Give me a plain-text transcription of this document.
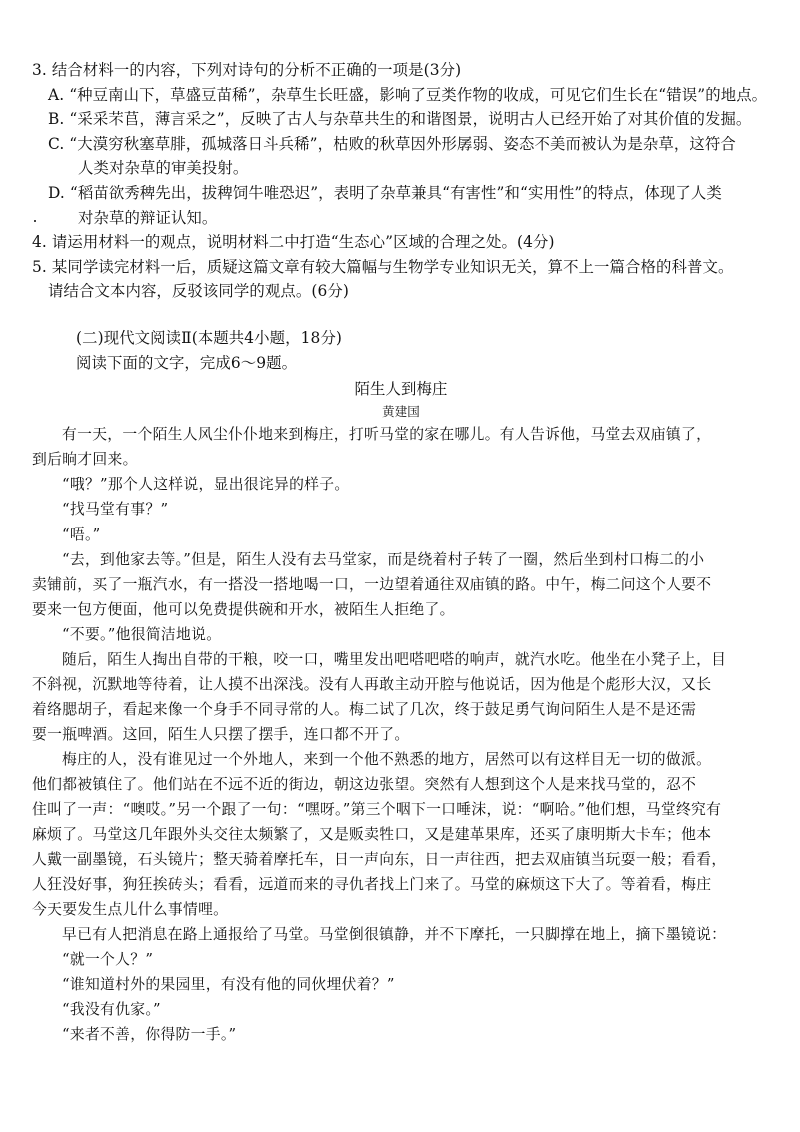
3. 结合材料一的内容，下列对诗句的分析不正确的一项是(3分)
A. “种豆南山下，草盛豆苗稀”，杂草生长旺盛，影响了豆类作物的收成，可见它们生长在“错误”的地点。
B. “采采芣苢，薄言采之”，反映了古人与杂草共生的和谐图景，说明古人已经开始了对其价值的发掘。
C. “大漠穷秋塞草腓，孤城落日斗兵稀”，枯败的秋草因外形孱弱、姿态不美而被认为是杂草，这符合
人类对杂草的审美投射。
D. “稻苗欲秀稗先出，拔稗饲牛唯恐迟”，表明了杂草兼具“有害性”和“实用性”的特点，体现了人类
对杂草的辩证认知。
4. 请运用材料一的观点，说明材料二中打造“生态心”区域的合理之处。(4分)
5. 某同学读完材料一后，质疑这篇文章有较大篇幅与生物学专业知识无关，算不上一篇合格的科普文。
请结合文本内容，反驳该同学的观点。(6分)
(二)现代文阅读Ⅱ(本题共4小题，18分)
阅读下面的文字，完成6～9题。
陌生人到梅庄
黄建国
有一天，一个陌生人风尘仆仆地来到梅庄，打听马堂的家在哪儿。有人告诉他，马堂去双庙镇了，
到后晌才回来。
“哦？”那个人这样说，显出很诧异的样子。
“找马堂有事？”
“唔。”
“去，到他家去等。”但是，陌生人没有去马堂家，而是绕着村子转了一圈，然后坐到村口梅二的小
卖铺前，买了一瓶汽水，有一搭没一搭地喝一口，一边望着通往双庙镇的路。中午，梅二问这个人要不
要来一包方便面，他可以免费提供碗和开水，被陌生人拒绝了。
“不要。”他很简洁地说。
随后，陌生人掏出自带的干粮，咬一口，嘴里发出吧嗒吧嗒的响声，就汽水吃。他坐在小凳子上，目
不斜视，沉默地等待着，让人摸不出深浅。没有人再敢主动开腔与他说话，因为他是个彪形大汉，又长
着络腮胡子，看起来像一个身手不同寻常的人。梅二试了几次，终于鼓足勇气询问陌生人是不是还需
要一瓶啤酒。这回，陌生人只摆了摆手，连口都不开了。
梅庄的人，没有谁见过一个外地人，来到一个他不熟悉的地方，居然可以有这样目无一切的做派。
他们都被镇住了。他们站在不远不近的街边，朝这边张望。突然有人想到这个人是来找马堂的，忍不
住叫了一声：“噢哎。”另一个跟了一句：“嘿呀。”第三个咽下一口唾沫，说：“啊哈。”他们想，马堂终究有
麻烦了。马堂这几年跟外头交往太频繁了，又是贩卖牲口，又是建革果库，还买了康明斯大卡车；他本
人戴一副墨镜，石头镜片；整天骑着摩托车，日一声向东，日一声往西，把去双庙镇当玩耍一般；看看，
人狂没好事，狗狂挨砖头；看看，远道而来的寻仇者找上门来了。马堂的麻烦这下大了。等着看，梅庄
今天要发生点儿什么事情哩。
早已有人把消息在路上通报给了马堂。马堂倒很镇静，并不下摩托，一只脚撑在地上，摘下墨镜说：
“就一个人？”
“谁知道村外的果园里，有没有他的同伙埋伏着？”
“我没有仇家。”
“来者不善，你得防一手。”
